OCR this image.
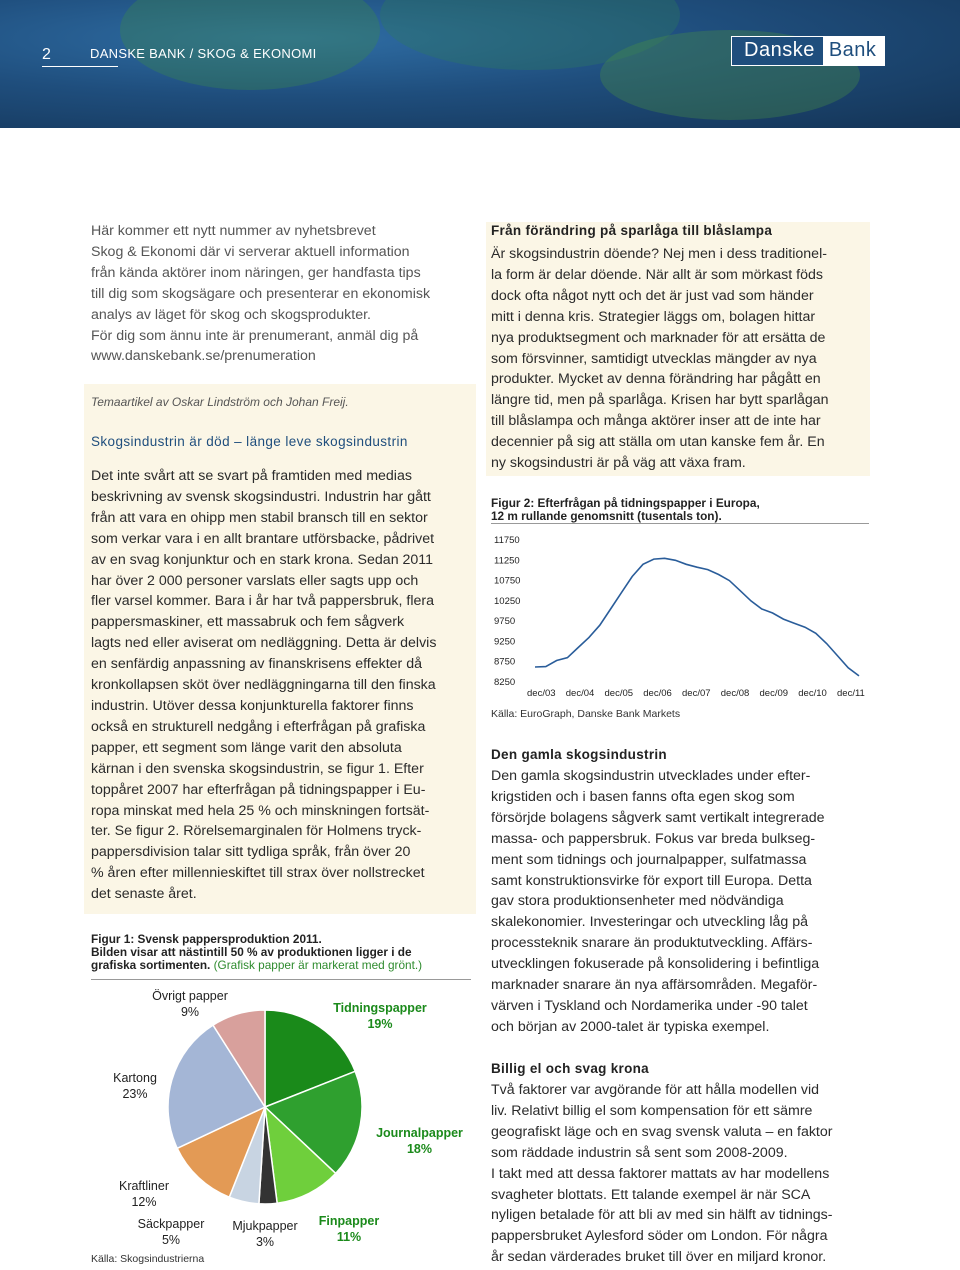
2	DANSKE BANK / SKOG & EKONOMI	Danske Bank
Här kommer ett nytt nummer av nyhetsbrevet
Skog & Ekonomi där vi serverar aktuell information
från kända aktörer inom näringen, ger handfasta tips
till dig som skogsägare och presenterar en ekonomisk
analys av läget för skog och skogsprodukter.
För dig som ännu inte är prenumerant, anmäl dig på
www.danskebank.se/prenumeration
Temaartikel av Oskar Lindström och Johan Freij.
Skogsindustrin är död – länge leve skogsindustrin
Det inte svårt att se svart på framtiden med medias
beskrivning av svensk skogsindustri. Industrin har gått
från att vara en ohipp men stabil bransch till en sektor
som verkar vara i en allt brantare utförsbacke, pådrivet
av en svag konjunktur och en stark krona. Sedan 2011
har över 2 000 personer varslats eller sagts upp och
fler varsel kommer. Bara i år har två pappersbruk, flera
pappersmaskiner, ett massabruk och fem sågverk
lagts ned eller aviserat om nedläggning. Detta är delvis
en senfärdig anpassning av finanskrisens effekter då
kronkollapsen sköt över nedläggningarna till den finska
industrin. Utöver dessa konjunkturella faktorer finns
också en strukturell nedgång i efterfrågan på grafiska
papper, ett segment som länge varit den absoluta
kärnan i den svenska skogsindustrin, se figur 1. Efter
toppåret 2007 har efterfrågan på tidningspapper i Eu-
ropa minskat med hela 25 % och minskningen fortsät-
ter. Se figur 2. Rörelsemarginalen för Holmens tryck-
pappersdivision talar sitt tydliga språk, från över 20
% åren efter millennieskiftet till strax över nollstrecket
det senaste året.
Figur 1: Svensk pappersproduktion 2011.
Bilden visar att nästintill 50 % av produktionen ligger i de
grafiska sortimenten. (Grafisk papper är markerat med grönt.)
Övrigt papper
9%	Tidningspapper
19%
Kartong
23%
Journalpapper
18%
Kraftliner
12%
Säckpapper
5%
Mjukpapper
3%
Finpapper
11%
Källa: Skogsindustrierna
Från förändring på sparlåga till blåslampa
Är skogsindustrin döende? Nej men i dess traditionel-
la form är delar döende. När allt är som mörkast föds
dock ofta något nytt och det är just vad som händer
mitt i denna kris. Strategier läggs om, bolagen hittar
nya produktsegment och marknader för att ersätta de
som försvinner, samtidigt utvecklas mängder av nya
produkter. Mycket av denna förändring har pågått en
längre tid, men på sparlåga. Krisen har bytt sparlågan
till blåslampa och många aktörer inser att de inte har
decennier på sig att ställa om utan kanske fem år. En
ny skogsindustri är på väg att växa fram.
Figur 2: Efterfrågan på tidningspapper i Europa,
12 m rullande genomsnitt (tusentals ton).
11750
11250
10750
10250
9750
9250
8750
8250
dec/03 dec/04 dec/05 dec/06 dec/07 dec/08 dec/09 dec/10 dec/11
Källa: EuroGraph, Danske Bank Markets
Den gamla skogsindustrin
Den gamla skogsindustrin utvecklades under efter-
krigstiden och i basen fanns ofta egen skog som
försörjde bolagens sågverk samt vertikalt integrerade
massa- och pappersbruk. Fokus var breda bulkseg-
ment som tidnings och journalpapper, sulfatmassa
samt konstruktionsvirke för export till Europa. Detta
gav stora produktionsenheter med nödvändiga
skalekonomier. Investeringar och utveckling låg på
processteknik snarare än produktutveckling. Affärs-
utvecklingen fokuserade på konsolidering i befintliga
marknader snarare än nya affärsområden. Megaför-
värven i Tyskland och Nordamerika under -90 talet
och början av 2000-talet är typiska exempel.
Billig el och svag krona
Två faktorer var avgörande för att hålla modellen vid
liv. Relativt billig el som kompensation för ett sämre
geografiskt läge och en svag svensk valuta – en faktor
som räddade industrin så sent som 2008-2009.
I takt med att dessa faktorer mattats av har modellens
svagheter blottats. Ett talande exempel är när SCA
nyligen betalade för att bli av med sin hälft av tidnings-
pappersbruket Aylesford söder om London. För några
år sedan värderades bruket till över en miljard kronor.
